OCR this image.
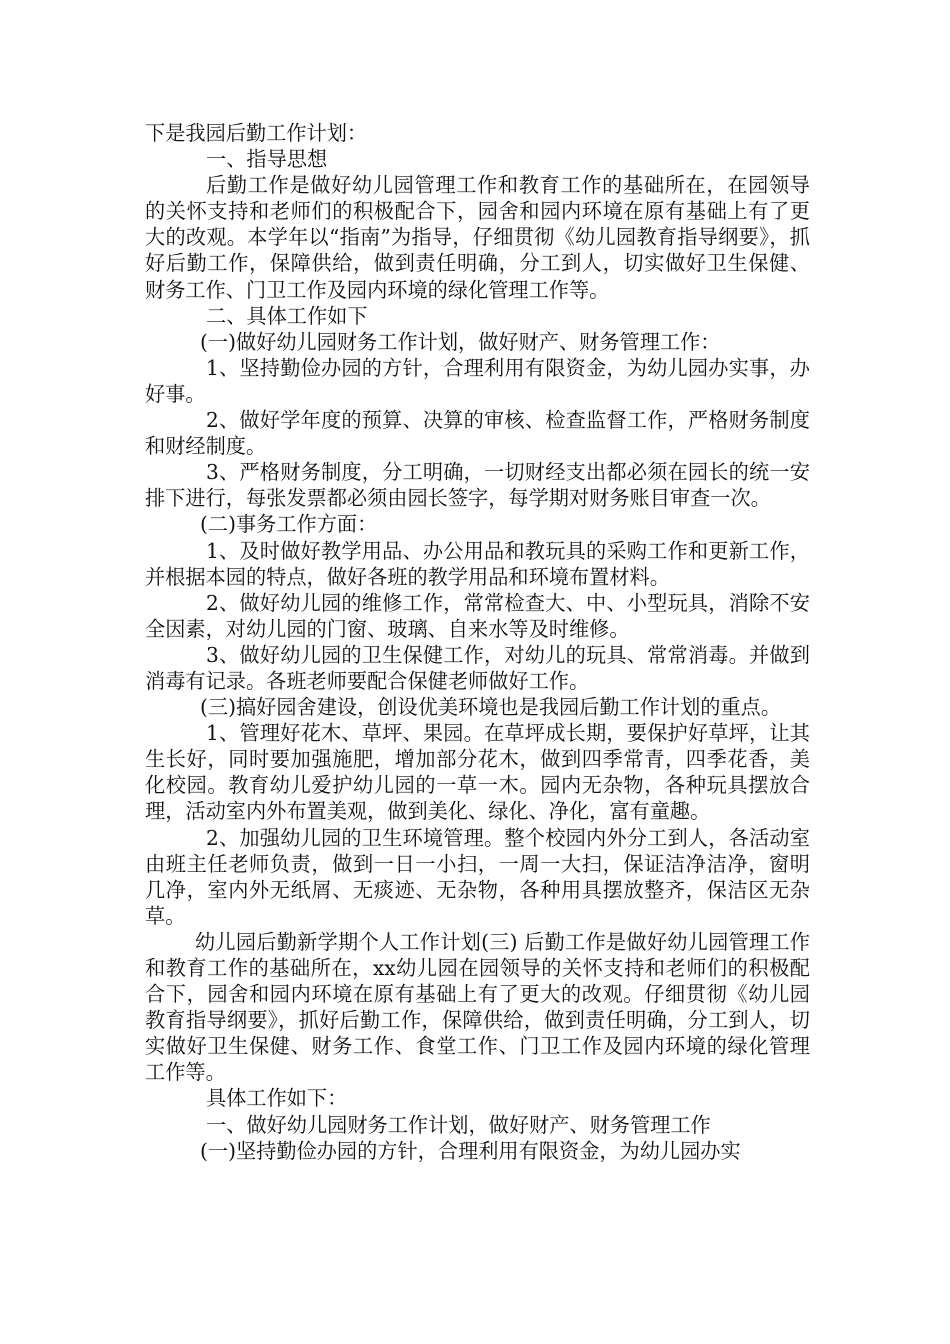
下是我园后勤工作计划：

一、指导思想

后勤工作是做好幼儿园管理工作和教育工作的基础所在，在园领导的关怀支持和老师们的积极配合下，园舍和园内环境在原有基础上有了更大的改观。本学年以“指南”为指导，仔细贯彻《幼儿园教育指导纲要》，抓好后勤工作，保障供给，做到责任明确，分工到人，切实做好卫生保健、财务工作、门卫工作及园内环境的绿化管理工作等。

二、具体工作如下

(一)做好幼儿园财务工作计划，做好财产、财务管理工作：

1、坚持勤俭办园的方针，合理利用有限资金，为幼儿园办实事，办好事。

2、做好学年度的预算、决算的审核、检查监督工作，严格财务制度和财经制度。

3、严格财务制度，分工明确，一切财经支出都必须在园长的统一安排下进行，每张发票都必须由园长签字，每学期对财务账目审查一次。

(二)事务工作方面：

1、及时做好教学用品、办公用品和教玩具的采购工作和更新工作，并根据本园的特点，做好各班的教学用品和环境布置材料。

2、做好幼儿园的维修工作，常常检查大、中、小型玩具，消除不安全因素，对幼儿园的门窗、玻璃、自来水等及时维修。

3、做好幼儿园的卫生保健工作，对幼儿的玩具、常常消毒。并做到消毒有记录。各班老师要配合保健老师做好工作。

(三)搞好园舍建设，创设优美环境也是我园后勤工作计划的重点。

1、管理好花木、草坪、果园。在草坪成长期，要保护好草坪，让其生长好，同时要加强施肥，增加部分花木，做到四季常青，四季花香，美化校园。教育幼儿爱护幼儿园的一草一木。园内无杂物，各种玩具摆放合理，活动室内外布置美观，做到美化、绿化、净化，富有童趣。

2、加强幼儿园的卫生环境管理。整个校园内外分工到人，各活动室由班主任老师负责，做到一日一小扫，一周一大扫，保证洁净洁净，窗明几净，室内外无纸屑、无痰迹、无杂物，各种用具摆放整齐，保洁区无杂草。

幼儿园后勤新学期个人工作计划(三) 后勤工作是做好幼儿园管理工作和教育工作的基础所在，xx幼儿园在园领导的关怀支持和老师们的积极配合下，园舍和园内环境在原有基础上有了更大的改观。仔细贯彻《幼儿园教育指导纲要》，抓好后勤工作，保障供给，做到责任明确，分工到人，切实做好卫生保健、财务工作、食堂工作、门卫工作及园内环境的绿化管理工作等。

具体工作如下：

一、做好幼儿园财务工作计划，做好财产、财务管理工作

(一)坚持勤俭办园的方针，合理利用有限资金，为幼儿园办实
